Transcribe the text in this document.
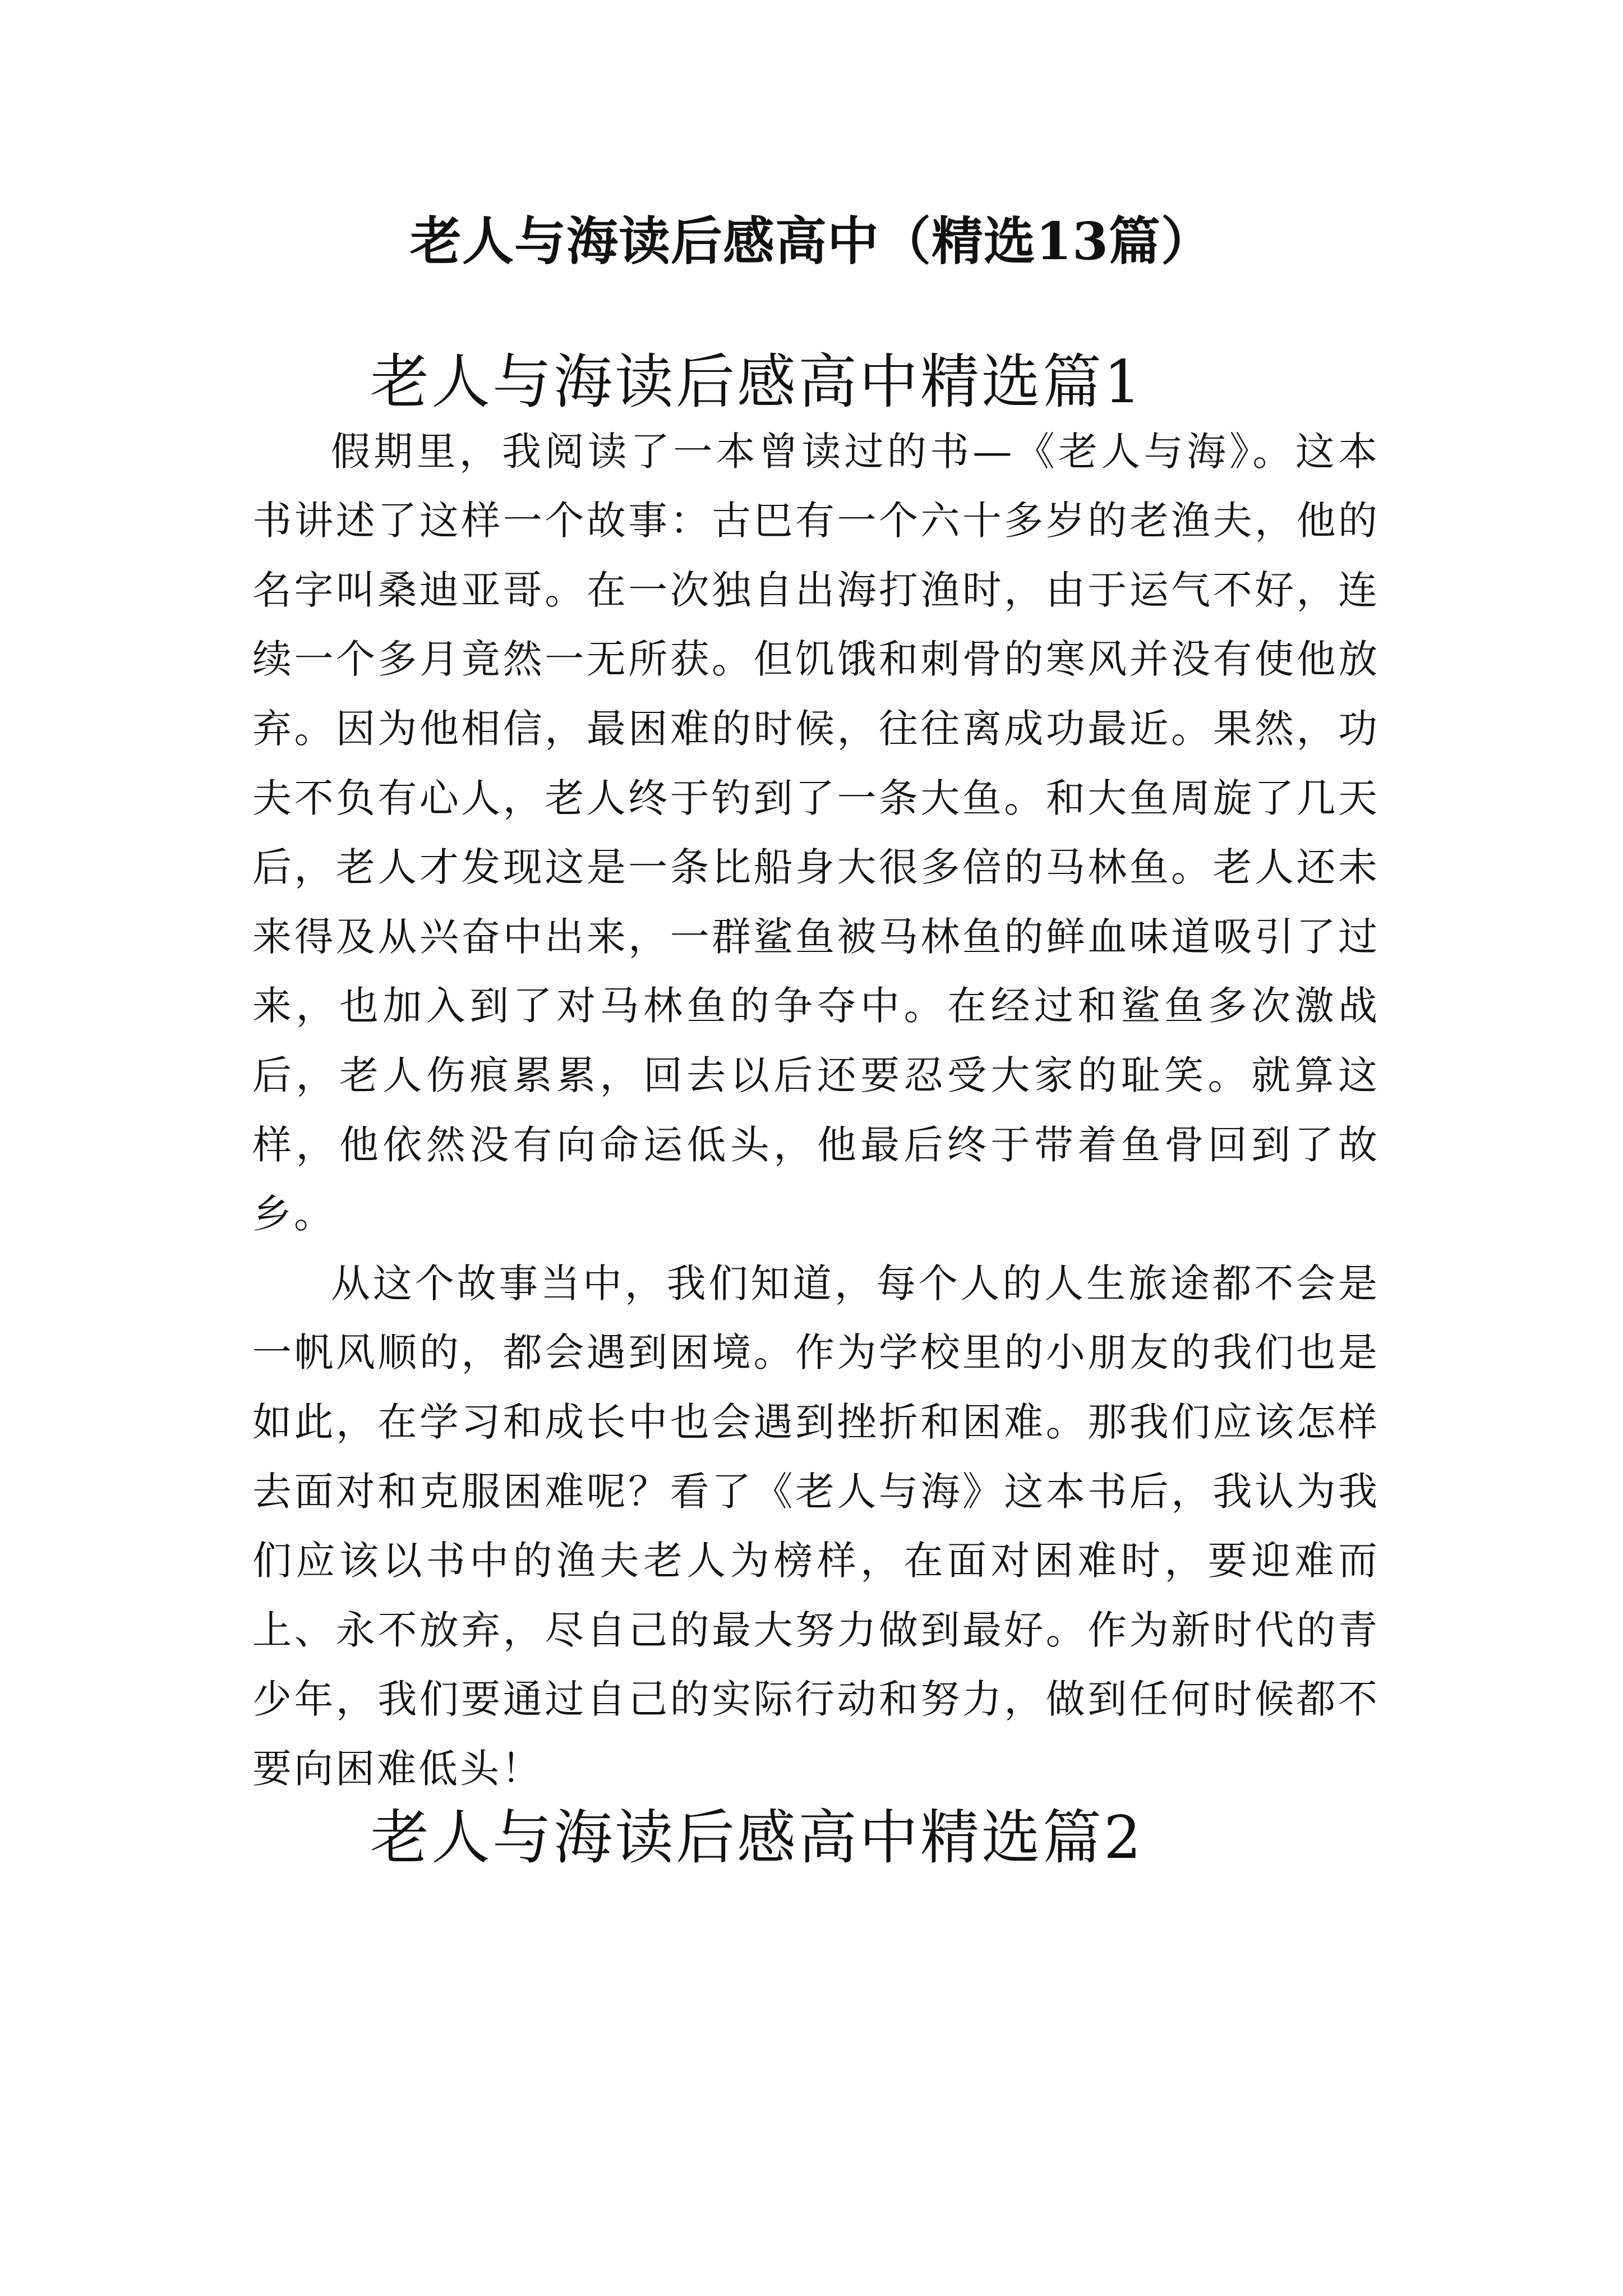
老人与海读后感高中（精选13篇）
老人与海读后感高中精选篇1

假期里，我阅读了一本曾读过的书—《老人与海》。这本书讲述了这样一个故事：古巴有一个六十多岁的老渔夫，他的名字叫桑迪亚哥。在一次独自出海打渔时，由于运气不好，连续一个多月竟然一无所获。但饥饿和刺骨的寒风并没有使他放弃。因为他相信，最困难的时候，往往离成功最近。果然，功夫不负有心人，老人终于钓到了一条大鱼。和大鱼周旋了几天后，老人才发现这是一条比船身大很多倍的马林鱼。老人还未来得及从兴奋中出来，一群鲨鱼被马林鱼的鲜血味道吸引了过来，也加入到了对马林鱼的争夺中。在经过和鲨鱼多次激战后，老人伤痕累累，回去以后还要忍受大家的耻笑。就算这样，他依然没有向命运低头，他最后终于带着鱼骨回到了故乡。

从这个故事当中，我们知道，每个人的人生旅途都不会是一帆风顺的，都会遇到困境。作为学校里的小朋友的我们也是如此，在学习和成长中也会遇到挫折和困难。那我们应该怎样去面对和克服困难呢？看了《老人与海》这本书后，我认为我们应该以书中的渔夫老人为榜样，在面对困难时，要迎难而上、永不放弃，尽自己的最大努力做到最好。作为新时代的青少年，我们要通过自己的实际行动和努力，做到任何时候都不要向困难低头！

老人与海读后感高中精选篇2
